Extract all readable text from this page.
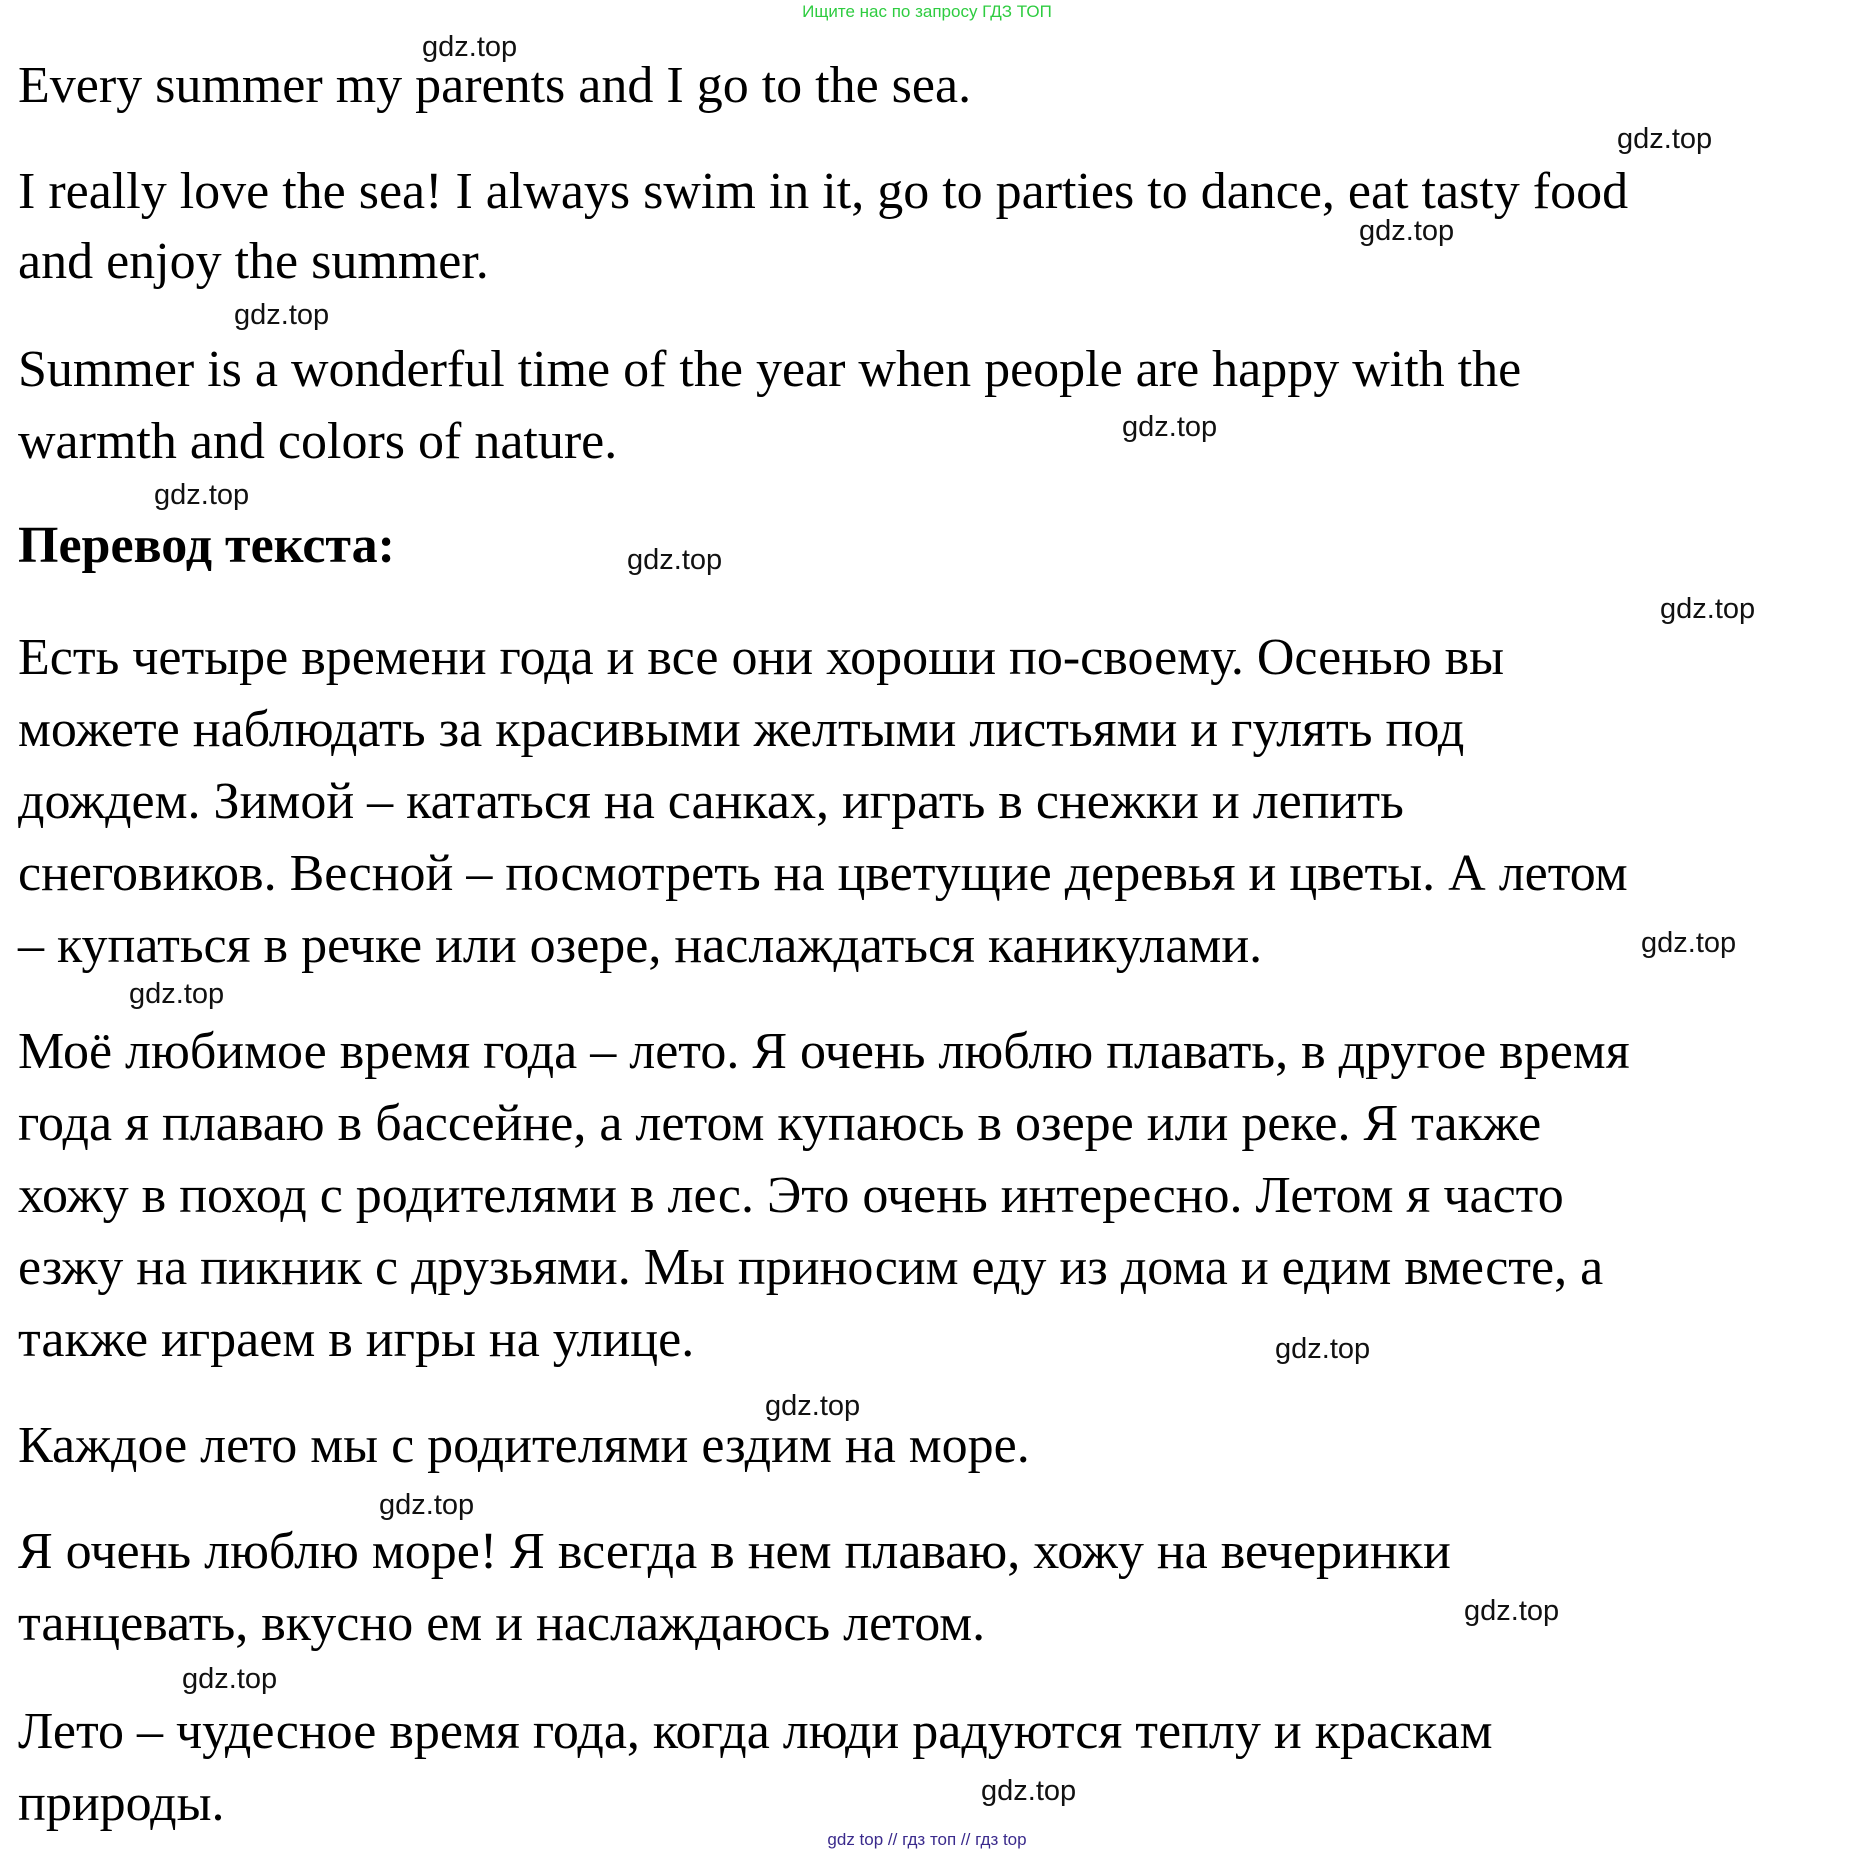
Ищите нас по запросу ГДЗ ТОП
Every summer my parents and I go to the sea.
I really love the sea! I always swim in it, go to parties to dance, eat tasty food
and enjoy the summer.
Summer is a wonderful time of the year when people are happy with the
warmth and colors of nature.
Перевод текста:
Есть четыре времени года и все они хороши по-своему. Осенью вы
можете наблюдать за красивыми желтыми листьями и гулять под
дождем. Зимой – кататься на санках, играть в снежки и лепить
снеговиков. Весной – посмотреть на цветущие деревья и цветы. А летом
– купаться в речке или озере, наслаждаться каникулами.
Моё любимое время года – лето. Я очень люблю плавать, в другое время
года я плаваю в бассейне, а летом купаюсь в озере или реке. Я также
хожу в поход с родителями в лес. Это очень интересно. Летом я часто
езжу на пикник с друзьями. Мы приносим еду из дома и едим вместе, а
также играем в игры на улице.
Каждое лето мы с родителями ездим на море.
Я очень люблю море! Я всегда в нем плаваю, хожу на вечеринки
танцевать, вкусно ем и наслаждаюсь летом.
Лето – чудесное время года, когда люди радуются теплу и краскам
природы.
gdz.top
gdz.top
gdz.top
gdz.top
gdz.top
gdz.top
gdz.top
gdz.top
gdz.top
gdz.top
gdz.top
gdz.top
gdz.top
gdz.top
gdz.top
gdz.top
gdz top // гдз топ // гдз top
